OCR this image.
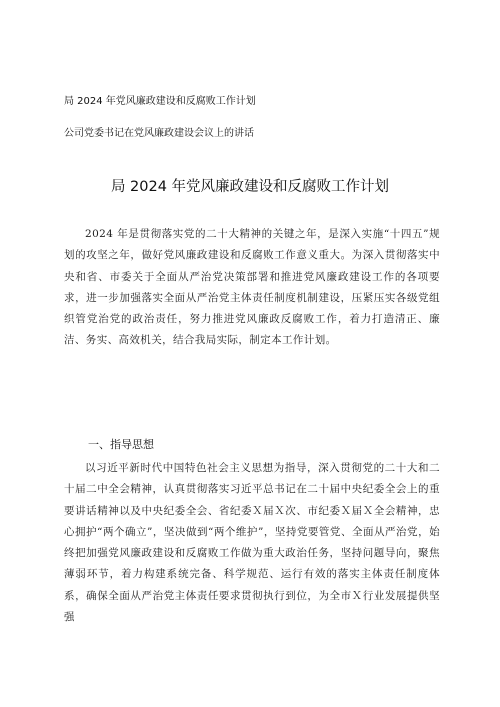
局 2024 年党风廉政建设和反腐败工作计划
公司党委书记在党风廉政建设会议上的讲话
局 2024 年党风廉政建设和反腐败工作计划

2024 年是贯彻落实党的二十大精神的关键之年，是深入实施“十四五”规划的攻坚之年，做好党风廉政建设和反腐败工作意义重大。为深入贯彻落实中央和省、市委关于全面从严治党决策部署和推进党风廉政建设工作的各项要求，进一步加强落实全面从严治党主体责任制度机制建设，压紧压实各级党组织管党治党的政治责任，努力推进党风廉政反腐败工作，着力打造清正、廉洁、务实、高效机关，结合我局实际，制定本工作计划。

一、指导思想

以习近平新时代中国特色社会主义思想为指导，深入贯彻党的二十大和二十届二中全会精神，认真贯彻落实习近平总书记在二十届中央纪委全会上的重要讲话精神以及中央纪委全会、省纪委Ｘ届Ｘ次、市纪委Ｘ届Ｘ全会精神，忠心拥护“两个确立”，坚决做到“两个维护”，坚持党要管党、全面从严治党，始终把加强党风廉政建设和反腐败工作做为重大政治任务，坚持问题导向，聚焦薄弱环节，着力构建系统完备、科学规范、运行有效的落实主体责任制度体系，确保全面从严治党主体责任要求贯彻执行到位，为全市Ｘ行业发展提供坚强
